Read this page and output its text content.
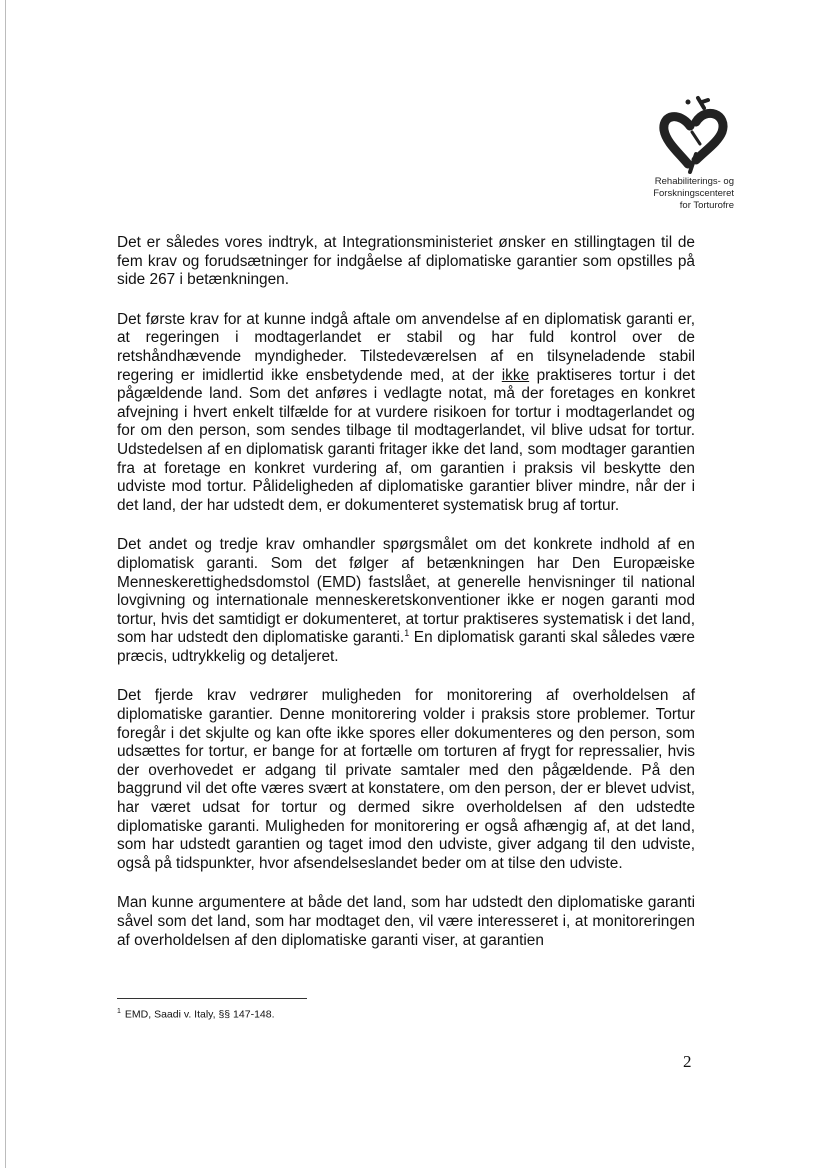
Rehabiliterings- og
Forskningscenteret
for Torturofre

Det er således vores indtryk, at Integrationsministeriet ønsker en stillingtagen til de fem krav og forudsætninger for indgåelse af diplomatiske garantier som opstilles på side 267 i betænkningen.

Det første krav for at kunne indgå aftale om anvendelse af en diplomatisk garanti er, at regeringen i modtagerlandet er stabil og har fuld kontrol over de retshåndhævende myndigheder. Tilstedeværelsen af en tilsyneladende stabil regering er imidlertid ikke ensbetydende med, at der ikke praktiseres tortur i det pågældende land. Som det anføres i vedlagte notat, må der foretages en konkret afvejning i hvert enkelt tilfælde for at vurdere risikoen for tortur i modtagerlandet og for om den person, som sendes tilbage til modtagerlandet, vil blive udsat for tortur. Udstedelsen af en diplomatisk garanti fritager ikke det land, som modtager garantien fra at foretage en konkret vurdering af, om garantien i praksis vil beskytte den udviste mod tortur. Pålideligheden af diplomatiske garantier bliver mindre, når der i det land, der har udstedt dem, er dokumenteret systematisk brug af tortur.

Det andet og tredje krav omhandler spørgsmålet om det konkrete indhold af en diplomatisk garanti. Som det følger af betænkningen har Den Europæiske Menneskerettighedsdomstol (EMD) fastslået, at generelle henvisninger til national lovgivning og internationale menneskeretskonventioner ikke er nogen garanti mod tortur, hvis det samtidigt er dokumenteret, at tortur praktiseres systematisk i det land, som har udstedt den diplomatiske garanti.$^1$ En diplomatisk garanti skal således være præcis, udtrykkelig og detaljeret.

Det fjerde krav vedrører muligheden for monitorering af overholdelsen af diplomatiske garantier. Denne monitorering volder i praksis store problemer. Tortur foregår i det skjulte og kan ofte ikke spores eller dokumenteres og den person, som udsættes for tortur, er bange for at fortælle om torturen af frygt for repressalier, hvis der overhovedet er adgang til private samtaler med den pågældende. På den baggrund vil det ofte væres svært at konstatere, om den person, der er blevet udvist, har været udsat for tortur og dermed sikre overholdelsen af den udstedte diplomatiske garanti. Muligheden for monitorering er også afhængig af, at det land, som har udstedt garantien og taget imod den udviste, giver adgang til den udviste, også på tidspunkter, hvor afsendelseslandet beder om at tilse den udviste.

Man kunne argumentere at både det land, som har udstedt den diplomatiske garanti såvel som det land, som har modtaget den, vil være interesseret i, at monitoreringen af overholdelsen af den diplomatiske garanti viser, at garantien

$^1$ EMD, Saadi v. Italy, §§ 147-148.
2
